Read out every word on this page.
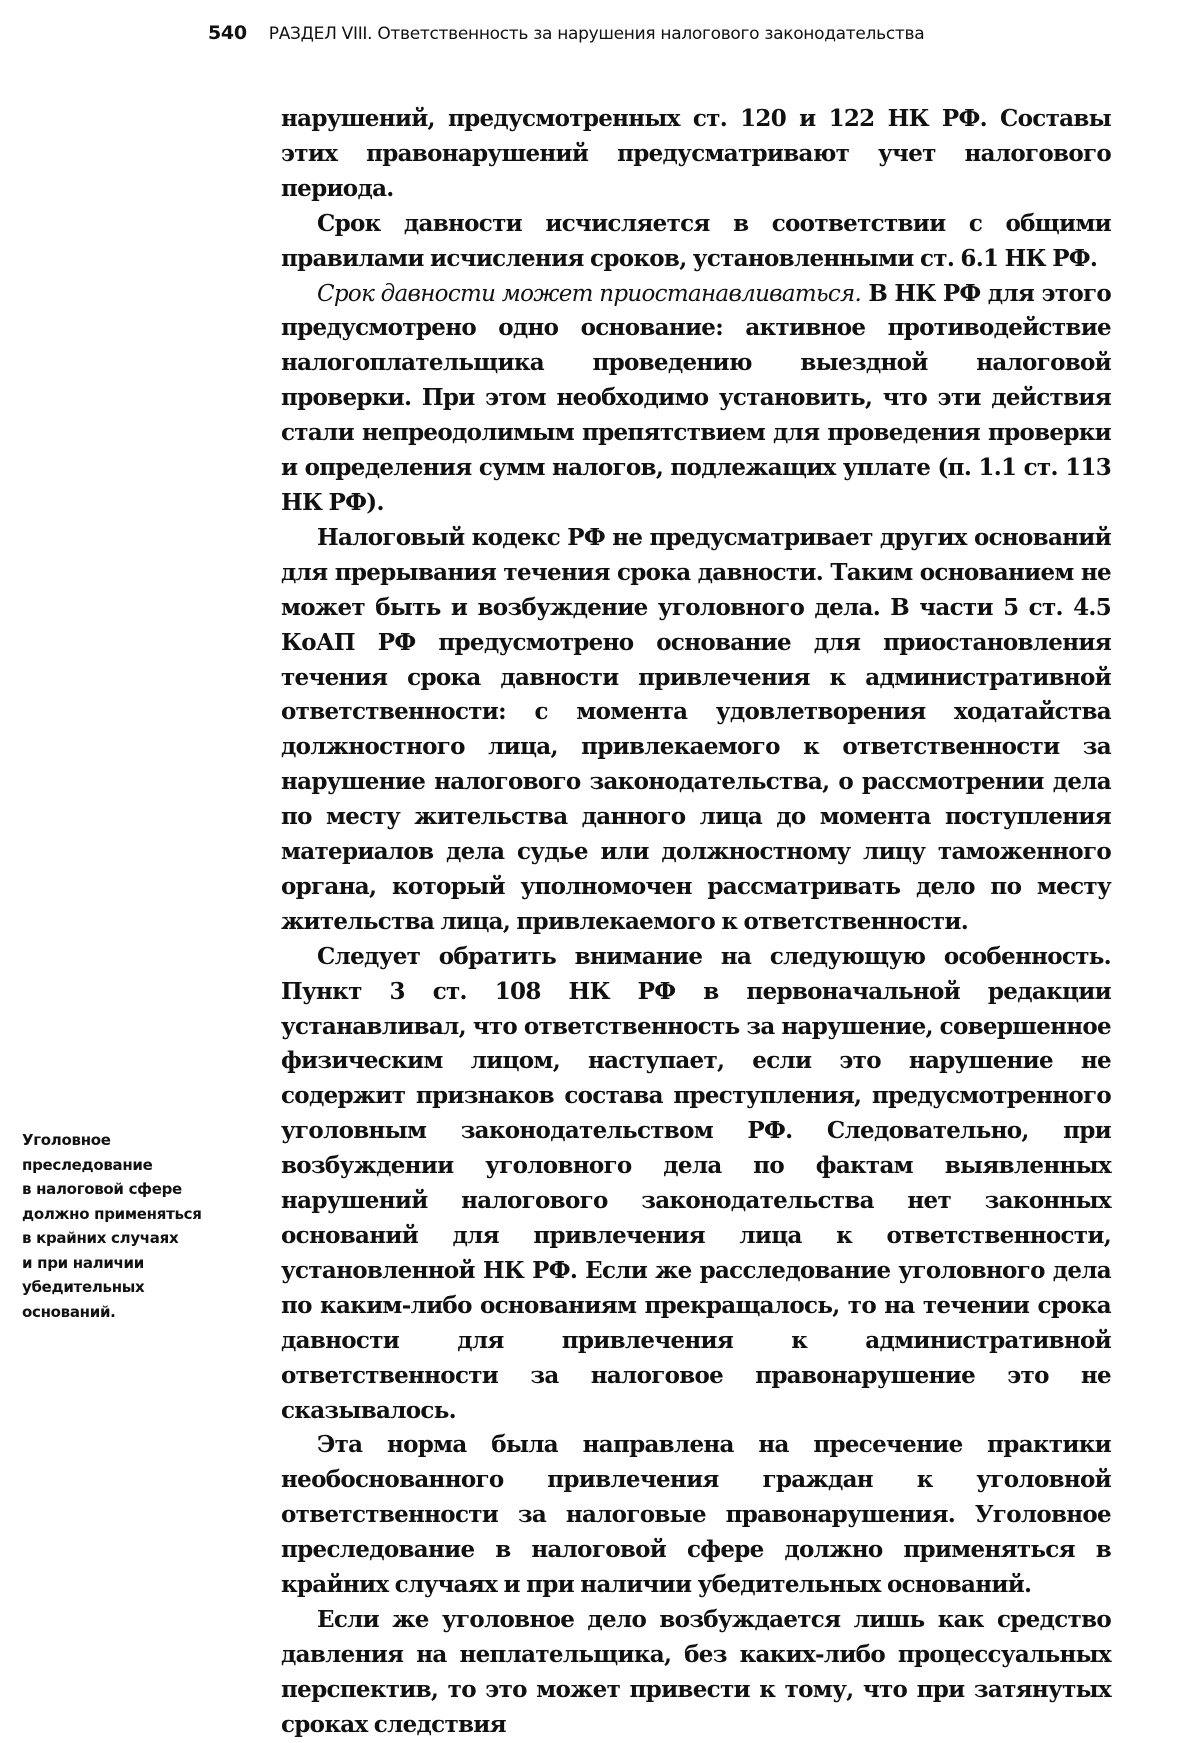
540 РАЗДЕЛ VIII. Ответственность за нарушения налогового законодательства

нарушений, предусмотренных ст. 120 и 122 НК РФ. Составы этих правонарушений предусматривают учет налогового периода.

Срок давности исчисляется в соответствии с общими правилами исчисления сроков, установленными ст. 6.1 НК РФ.

Срок давности может приостанавливаться. В НК РФ для этого предусмотрено одно основание: активное противодействие налогоплательщика проведению выездной налоговой проверки. При этом необходимо установить, что эти действия стали непреодолимым препятствием для проведения проверки и определения сумм налогов, подлежащих уплате (п. 1.1 ст. 113 НК РФ).

Налоговый кодекс РФ не предусматривает других оснований для прерывания течения срока давности. Таким основанием не может быть и возбуждение уголовного дела. В части 5 ст. 4.5 КоАП РФ предусмотрено основание для приостановления течения срока давности привлечения к административной ответственности: с момента удовлетворения ходатайства должностного лица, привлекаемого к ответственности за нарушение налогового законодательства, о рассмотрении дела по месту жительства данного лица до момента поступления материалов дела судье или должностному лицу таможенного органа, который уполномочен рассматривать дело по месту жительства лица, привлекаемого к ответственности.

Следует обратить внимание на следующую особенность. Пункт 3 ст. 108 НК РФ в первоначальной редакции устанавливал, что ответственность за нарушение, совершенное физическим лицом, наступает, если это нарушение не содержит признаков состава преступления, предусмотренного уголовным законодательством РФ. Следовательно, при возбуждении уголовного дела по фактам выявленных нарушений налогового законодательства нет законных оснований для привлечения лица к ответственности, установленной НК РФ. Если же расследование уголовного дела по каким-либо основаниям прекращалось, то на течении срока давности для привлечения к административной ответственности за налоговое правонарушение это не сказывалось.

Эта норма была направлена на пресечение практики необоснованного привлечения граждан к уголовной ответственности за налоговые правонарушения. Уголовное преследование в налоговой сфере должно применяться в крайних случаях и при наличии убедительных оснований.

Если же уголовное дело возбуждается лишь как средство давления на неплательщика, без каких-либо процессуальных перспектив, то это может привести к тому, что при затянутых сроках следствия

Уголовное
преследование
в налоговой сфере
должно применяться
в крайних случаях
и при наличии
убедительных
оснований.
